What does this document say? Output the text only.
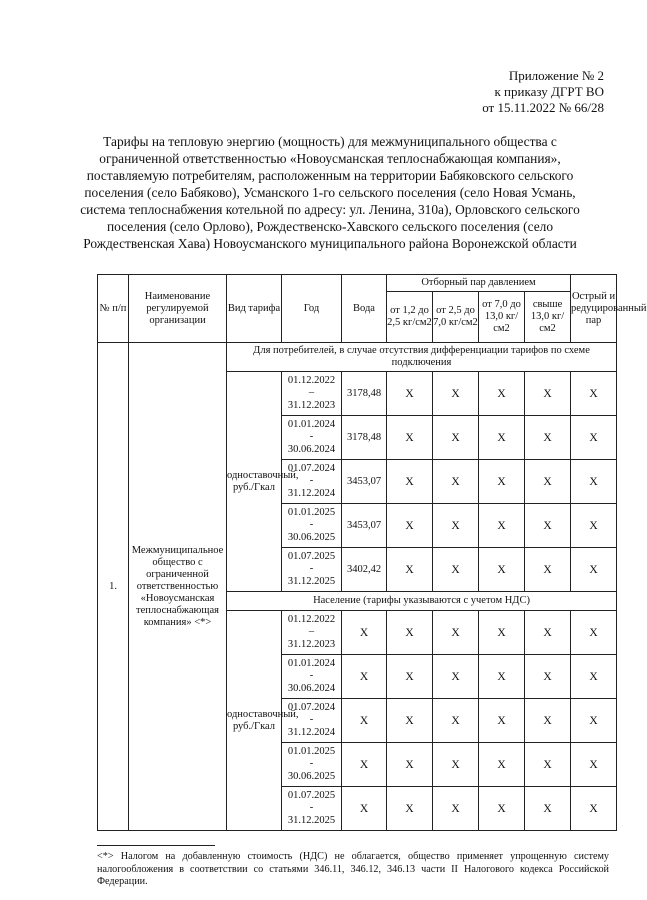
Приложение № 2
к приказу ДГРТ ВО
от 15.11.2022 № 66/28
Тарифы на тепловую энергию (мощность) для межмуниципального общества с ограниченной ответственностью «Новоусманская теплоснабжающая компания», поставляемую потребителям, расположенным на территории Бабяковского сельского поселения (село Бабяково), Усманского 1-го сельского поселения (село Новая Усмань, система теплоснабжения котельной по адресу: ул. Ленина, 310а), Орловского сельского поселения (село Орлово), Рождественско-Хавского сельского поселения (село Рождественская Хава) Новоусманского муниципального района Воронежской области
№ п/п	Наименование регулируемой организации	Вид тарифа	Год	Вода	Отборный пар давлением				Острый и редуцированный пар
					от 1,2 до 2,5 кг/см2	от 2,5 до 7,0 кг/см2	от 7,0 до 13,0 кг/см2	свыше 13,0 кг/см2	
1.	Межмуниципальное общество с ограниченной ответственностью «Новоусманская теплоснабжающая компания» <*>	Для потребителей, в случае отсутствия дифференциации тарифов по схеме подключения							
		одноставочный, руб./Гкал	01.12.2022
–
31.12.2023	3178,48	X	X	X	X	X
			01.01.2024
-
30.06.2024	3178,48	X	X	X	X	X
			01.07.2024
-
31.12.2024	3453,07	X	X	X	X	X
			01.01.2025
-
30.06.2025	3453,07	X	X	X	X	X
			01.07.2025
-
31.12.2025	3402,42	X	X	X	X	X
		Население (тарифы указываются с учетом НДС)							
		одноставочный, руб./Гкал	01.12.2022
–
31.12.2023	X	X	X	X	X	X
			01.01.2024
-
30.06.2024	X	X	X	X	X	X
			01.07.2024
-
31.12.2024	X	X	X	X	X	X
			01.01.2025
-
30.06.2025	X	X	X	X	X	X
			01.07.2025
-
31.12.2025	X	X	X	X	X	X
<*> Налогом на добавленную стоимость (НДС) не облагается, общество применяет упрощенную систему налогообложения в соответствии со статьями 346.11, 346.12, 346.13 части II Налогового кодекса Российской Федерации.
